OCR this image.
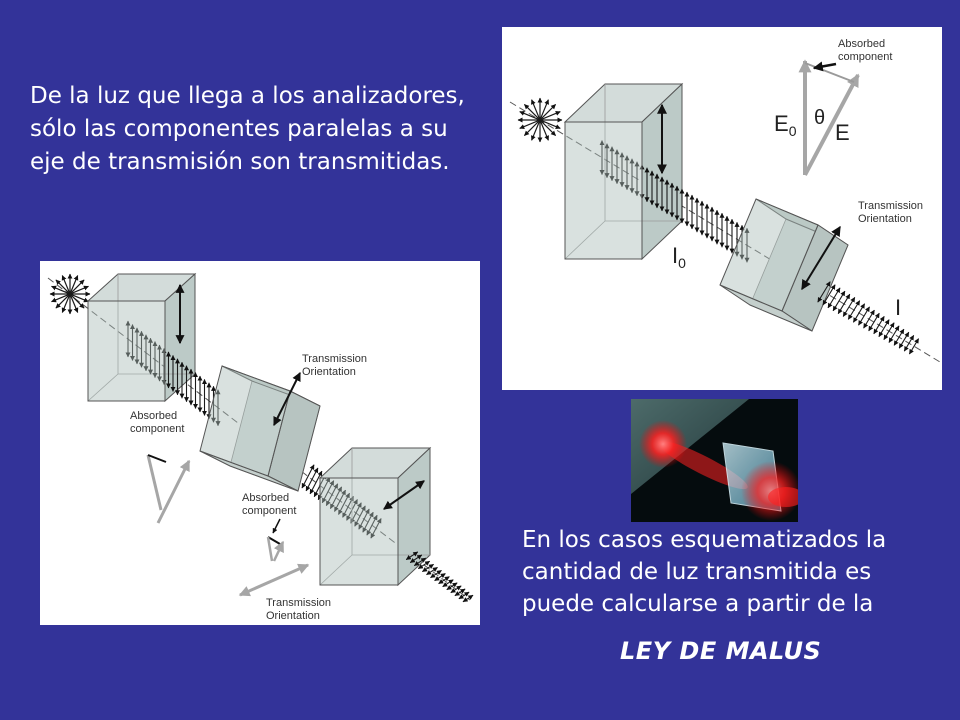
De la luz que llega a los analizadores,
sólo las componentes paralelas a su
eje de transmisión son transmitidas.
Transmission Orientation
$I_0$
I
Absorbed component
$E_0$
θ
E
Transmission Orientation
Absorbed component
Absorbed component
Transmission Orientation
En los casos esquematizados la
cantidad de luz transmitida es
puede calcularse a partir de la
LEY DE MALUS
